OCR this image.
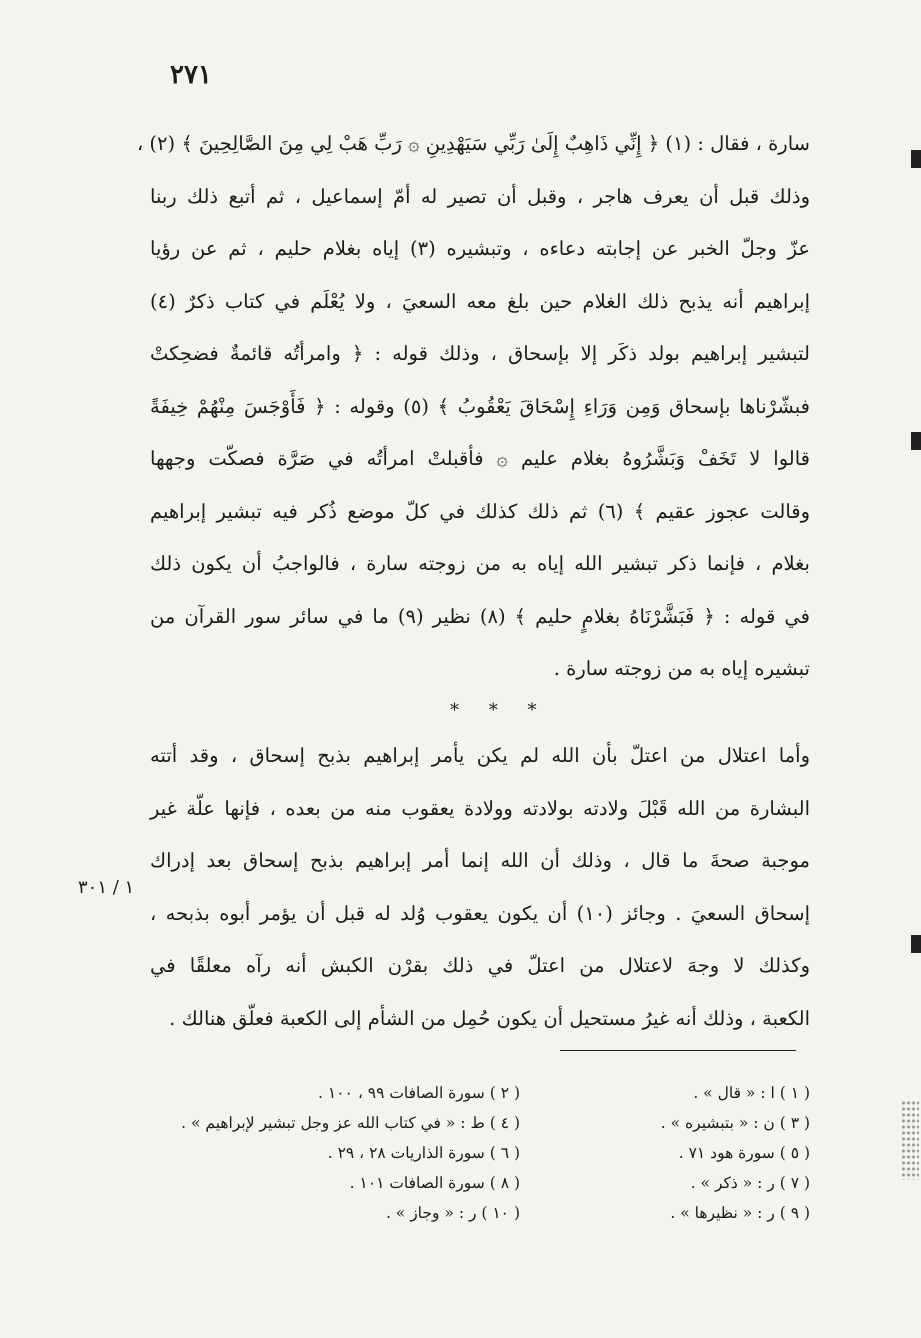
٢٧١
سارة ، فقال : (١) ﴿ إِنِّي ذَاهِبٌ إِلَىٰ رَبِّي سَيَهْدِينِ ۞ رَبِّ هَبْ لِي مِنَ الصَّالِحِينَ ﴾ (٢) ،
وذلك قبل أن يعرف هاجر ، وقبل أن تصير له أمّ إسماعيل ، ثم أتبع ذلك ربنا
عزّ وجلّ الخبر عن إجابته دعاءه ، وتبشيره (٣) إياه بغلام حليم ، ثم عن رؤيا
إبراهيم أنه يذبح ذلك الغلام حين بلغ معه السعيَ ، ولا يُعْلَم في كتاب ذكرٌ (٤)
لتبشير إبراهيم بولد ذكَر إلا بإسحاق ، وذلك قوله : ﴿ وامرأتُه قائمةٌ فضحِكتْ
فبشّرْناها بإسحاق وَمِن وَرَاءِ إِسْحَاقَ يَعْقُوبُ ﴾ (٥) وقوله : ﴿ فَأَوْجَسَ مِنْهُمْ خِيفَةً
قالوا لا تَخَفْ وَبَشَّرُوهُ بغلام عليم ۞ فأقبلتْ امرأتُه في صَرَّة فصكّت وجهها
وقالت عجوز عقيم ﴾ (٦) ثم ذلك كذلك في كلّ موضع ذُكر فيه تبشير إبراهيم
بغلام ، فإنما ذكر تبشير الله إياه به من زوجته سارة ، فالواجبُ أن يكون ذلك
في قوله : ﴿ فَبَشَّرْنَاهُ بغلامٍ حليم ﴾ (٨) نظير (٩) ما في سائر سور القرآن من
تبشيره إياه به من زوجته سارة .
* * *
وأما اعتلال من اعتلّ بأن الله لم يكن يأمر إبراهيم بذبح إسحاق ، وقد أتته
البشارة من الله قَبْلَ ولادته بولادته وولادة يعقوب منه من بعده ، فإنها علّة غير
موجبة صحةَ ما قال ، وذلك أن الله إنما أمر إبراهيم بذبح إسحاق بعد إدراك
إسحاق السعيَ . وجائز (١٠) أن يكون يعقوب وُلد له قبل أن يؤمر أبوه بذبحه ،
وكذلك لا وجهَ لاعتلال من اعتلّ في ذلك بقرْن الكبش أنه رآه معلقًا في
الكعبة ، وذلك أنه غيرُ مستحيل أن يكون حُمِل من الشأم إلى الكعبة فعلّق هنالك .
١ / ٣٠١
( ١ ) ا : « قال » .
( ٢ ) سورة الصافات ٩٩ ، ١٠٠ .
( ٣ ) ن : « بتبشيره » .
( ٤ ) ط : « في كتاب الله عز وجل تبشير لإبراهيم » .
( ٥ ) سورة هود ٧١ .
( ٦ ) سورة الذاريات ٢٨ ، ٢٩ .
( ٧ ) ر : « ذكر » .
( ٨ ) سورة الصافات ١٠١ .
( ٩ ) ر : « نظيرها » .
( ١٠ ) ر : « وجاز » .
